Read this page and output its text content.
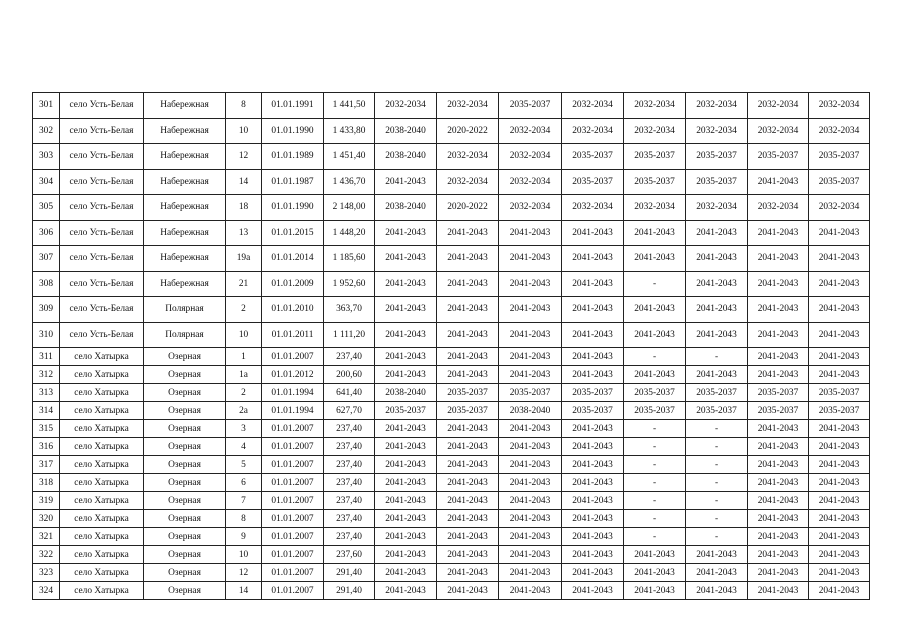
301	село Усть-Белая	Набережная	8	01.01.1991	1 441,50	2032-2034	2032-2034	2035-2037	2032-2034	2032-2034	2032-2034	2032-2034	2032-2034
302	село Усть-Белая	Набережная	10	01.01.1990	1 433,80	2038-2040	2020-2022	2032-2034	2032-2034	2032-2034	2032-2034	2032-2034	2032-2034
303	село Усть-Белая	Набережная	12	01.01.1989	1 451,40	2038-2040	2032-2034	2032-2034	2035-2037	2035-2037	2035-2037	2035-2037	2035-2037
304	село Усть-Белая	Набережная	14	01.01.1987	1 436,70	2041-2043	2032-2034	2032-2034	2035-2037	2035-2037	2035-2037	2041-2043	2035-2037
305	село Усть-Белая	Набережная	18	01.01.1990	2 148,00	2038-2040	2020-2022	2032-2034	2032-2034	2032-2034	2032-2034	2032-2034	2032-2034
306	село Усть-Белая	Набережная	13	01.01.2015	1 448,20	2041-2043	2041-2043	2041-2043	2041-2043	2041-2043	2041-2043	2041-2043	2041-2043
307	село Усть-Белая	Набережная	19а	01.01.2014	1 185,60	2041-2043	2041-2043	2041-2043	2041-2043	2041-2043	2041-2043	2041-2043	2041-2043
308	село Усть-Белая	Набережная	21	01.01.2009	1 952,60	2041-2043	2041-2043	2041-2043	2041-2043	-	2041-2043	2041-2043	2041-2043
309	село Усть-Белая	Полярная	2	01.01.2010	363,70	2041-2043	2041-2043	2041-2043	2041-2043	2041-2043	2041-2043	2041-2043	2041-2043
310	село Усть-Белая	Полярная	10	01.01.2011	1 111,20	2041-2043	2041-2043	2041-2043	2041-2043	2041-2043	2041-2043	2041-2043	2041-2043
311	село Хатырка	Озерная	1	01.01.2007	237,40	2041-2043	2041-2043	2041-2043	2041-2043	-	-	2041-2043	2041-2043
312	село Хатырка	Озерная	1а	01.01.2012	200,60	2041-2043	2041-2043	2041-2043	2041-2043	2041-2043	2041-2043	2041-2043	2041-2043
313	село Хатырка	Озерная	2	01.01.1994	641,40	2038-2040	2035-2037	2035-2037	2035-2037	2035-2037	2035-2037	2035-2037	2035-2037
314	село Хатырка	Озерная	2а	01.01.1994	627,70	2035-2037	2035-2037	2038-2040	2035-2037	2035-2037	2035-2037	2035-2037	2035-2037
315	село Хатырка	Озерная	3	01.01.2007	237,40	2041-2043	2041-2043	2041-2043	2041-2043	-	-	2041-2043	2041-2043
316	село Хатырка	Озерная	4	01.01.2007	237,40	2041-2043	2041-2043	2041-2043	2041-2043	-	-	2041-2043	2041-2043
317	село Хатырка	Озерная	5	01.01.2007	237,40	2041-2043	2041-2043	2041-2043	2041-2043	-	-	2041-2043	2041-2043
318	село Хатырка	Озерная	6	01.01.2007	237,40	2041-2043	2041-2043	2041-2043	2041-2043	-	-	2041-2043	2041-2043
319	село Хатырка	Озерная	7	01.01.2007	237,40	2041-2043	2041-2043	2041-2043	2041-2043	-	-	2041-2043	2041-2043
320	село Хатырка	Озерная	8	01.01.2007	237,40	2041-2043	2041-2043	2041-2043	2041-2043	-	-	2041-2043	2041-2043
321	село Хатырка	Озерная	9	01.01.2007	237,40	2041-2043	2041-2043	2041-2043	2041-2043	-	-	2041-2043	2041-2043
322	село Хатырка	Озерная	10	01.01.2007	237,60	2041-2043	2041-2043	2041-2043	2041-2043	2041-2043	2041-2043	2041-2043	2041-2043
323	село Хатырка	Озерная	12	01.01.2007	291,40	2041-2043	2041-2043	2041-2043	2041-2043	2041-2043	2041-2043	2041-2043	2041-2043
324	село Хатырка	Озерная	14	01.01.2007	291,40	2041-2043	2041-2043	2041-2043	2041-2043	2041-2043	2041-2043	2041-2043	2041-2043
